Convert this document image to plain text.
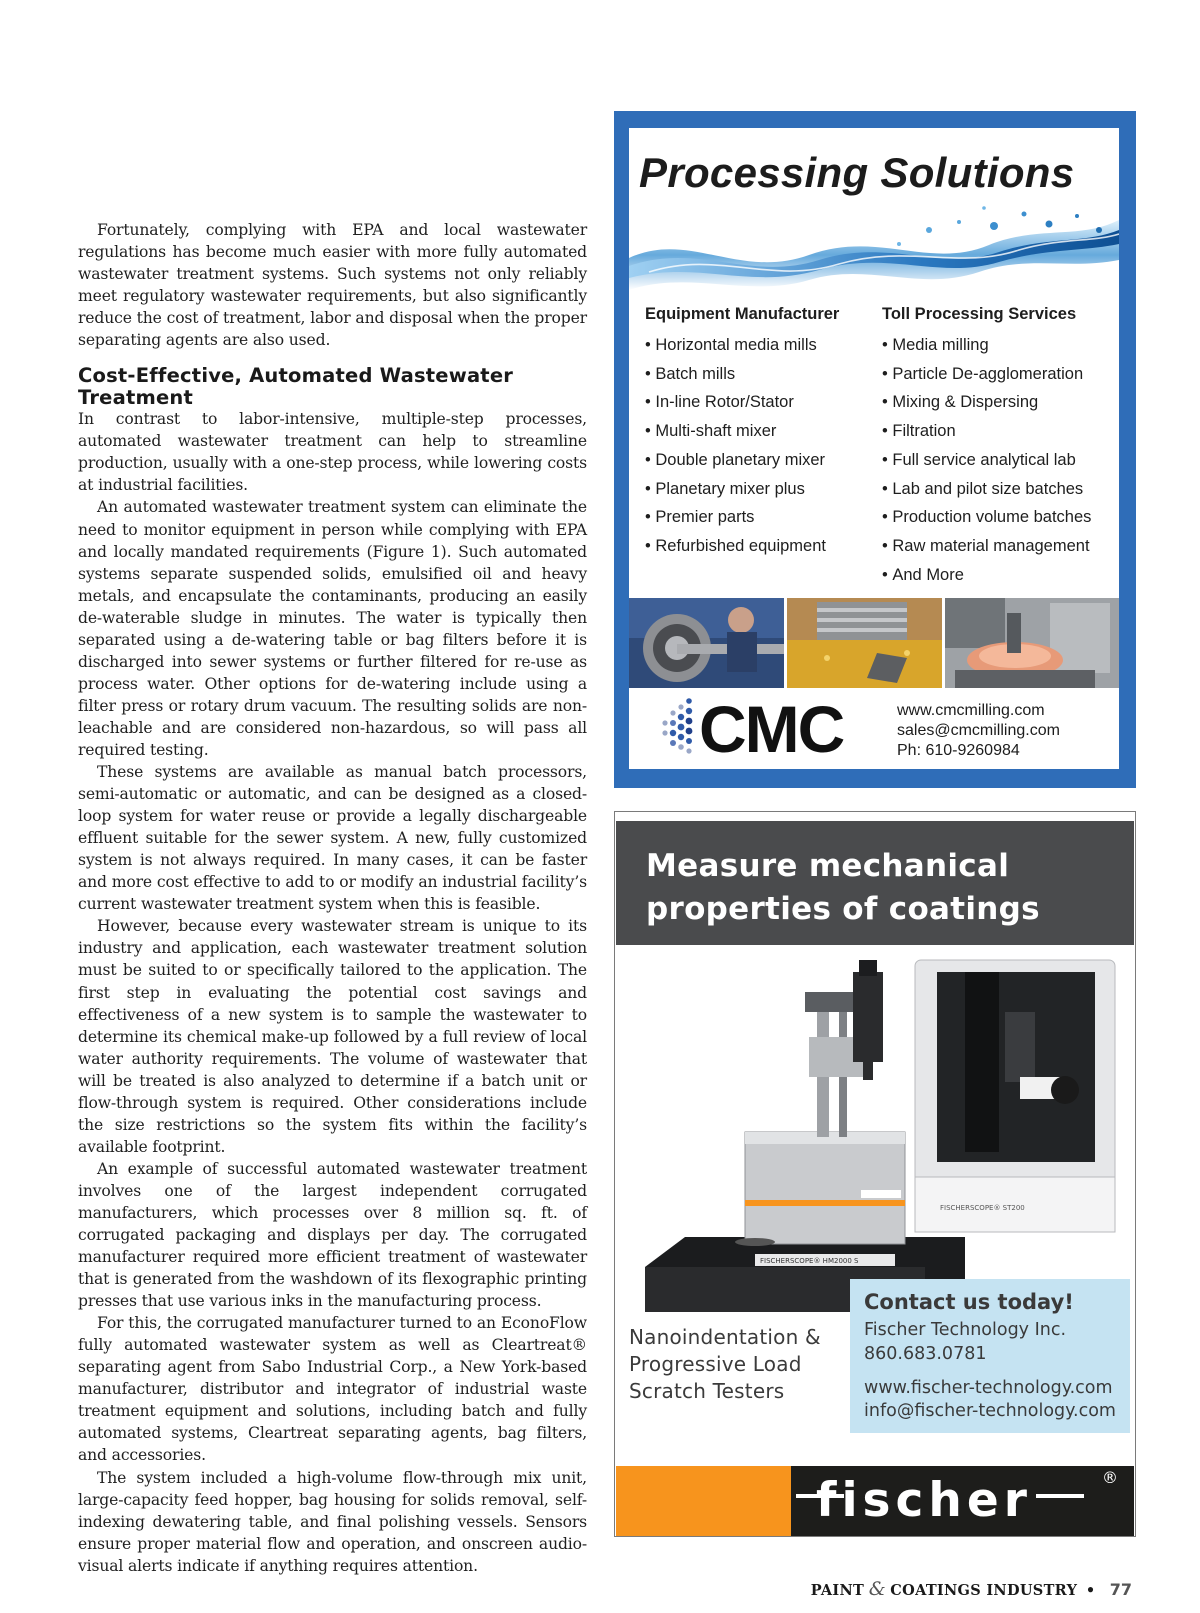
Fortunately, complying with EPA and local wastewater regulations has become much easier with more fully automated wastewater treatment systems. Such systems not only reliably meet regulatory wastewater requirements, but also significantly reduce the cost of treatment, labor and disposal when the proper separating agents are also used.

Cost-Effective, Automated Wastewater Treatment

In contrast to labor-intensive, multiple-step processes, automated wastewater treatment can help to streamline production, usually with a one-step process, while lowering costs at industrial facilities.

An automated wastewater treatment system can eliminate the need to monitor equipment in person while complying with EPA and locally mandated requirements (Figure 1). Such automated systems separate suspended solids, emulsified oil and heavy metals, and encapsulate the contaminants, producing an easily de-waterable sludge in minutes. The water is typically then separated using a de-watering table or bag filters before it is discharged into sewer systems or further filtered for re-use as process water. Other options for de-watering include using a filter press or rotary drum vacuum. The resulting solids are non-leachable and are considered non-hazardous, so will pass all required testing.

These systems are available as manual batch processors, semi-automatic or automatic, and can be designed as a closed-loop system for water reuse or provide a legally dischargeable effluent suitable for the sewer system. A new, fully customized system is not always required. In many cases, it can be faster and more cost effective to add to or modify an industrial facility’s current wastewater treatment system when this is feasible.

However, because every wastewater stream is unique to its industry and application, each wastewater treatment solution must be suited to or specifically tailored to the application. The first step in evaluating the potential cost savings and effectiveness of a new system is to sample the wastewater to determine its chemical make-up followed by a full review of local water authority requirements. The volume of wastewater that will be treated is also analyzed to determine if a batch unit or flow-through system is required. Other considerations include the size restrictions so the system fits within the facility’s available footprint.

An example of successful automated wastewater treatment involves one of the largest independent corrugated manufacturers, which processes over 8 million sq. ft. of corrugated packaging and displays per day. The corrugated manufacturer required more efficient treatment of wastewater that is generated from the washdown of its flexographic printing presses that use various inks in the manufacturing process.

For this, the corrugated manufacturer turned to an EconoFlow fully automated wastewater system as well as Cleartreat® separating agent from Sabo Industrial Corp., a New York-based manufacturer, distributor and integrator of industrial waste treatment equipment and solutions, including batch and fully automated systems, Cleartreat separating agents, bag filters, and accessories.

The system included a high-volume flow-through mix unit, large-capacity feed hopper, bag housing for solids removal, self-indexing dewatering table, and final polishing vessels. Sensors ensure proper material flow and operation, and onscreen audio-visual alerts indicate if anything requires attention.

Processing Solutions
Equipment Manufacturer
• Horizontal media mills
• Batch mills
• In-line Rotor/Stator
• Multi-shaft mixer
• Double planetary mixer
• Planetary mixer plus
• Premier parts
• Refurbished equipment
Toll Processing Services
• Media milling
• Particle De-agglomeration
• Mixing & Dispersing
• Filtration
• Full service analytical lab
• Lab and pilot size batches
• Production volume batches
• Raw material management
• And More
CMC	www.cmcmilling.com
sales@cmcmilling.com
Ph: 610-9260984
Measure mechanical
properties of coatings
FISCHERSCOPE® ST200
FISCHERSCOPE® HM2000 S
Nanoindentation &
Progressive Load
Scratch Testers
Contact us today!
Fischer Technology Inc.
860.683.0781
www.fischer-technology.com
info@fischer-technology.com
fischer	®
PAINT & COATINGS INDUSTRY • 77
